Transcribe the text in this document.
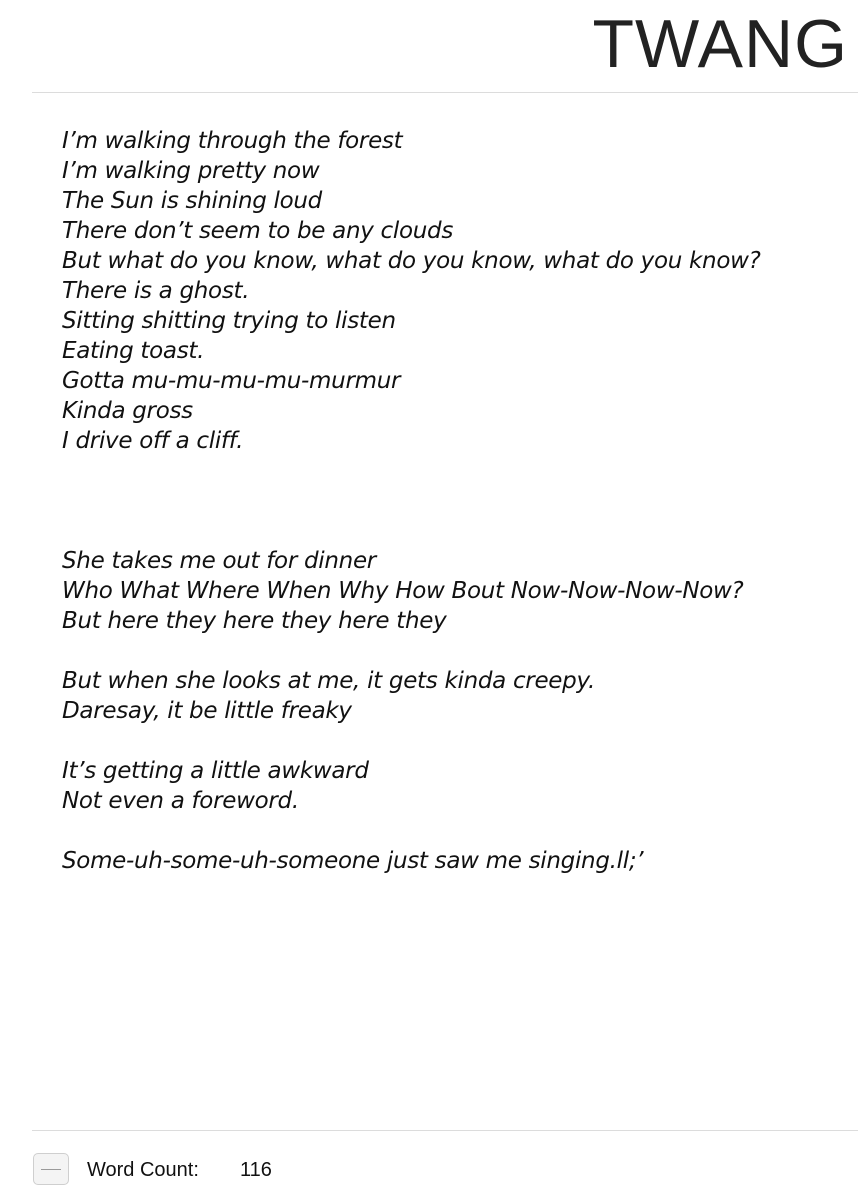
TWANG
I’m walking through the forest
I’m walking pretty now
The Sun is shining loud
There don’t seem to be any clouds
But what do you know, what do you know, what do you know?
There is a ghost.
Sitting shitting trying to listen
Eating toast.
Gotta mu-mu-mu-mu-murmur
Kinda gross
I drive off a cliff.
She takes me out for dinner
Who What Where When Why How Bout Now-Now-Now-Now?
But here they here they here they
But when she looks at me, it gets kinda creepy.
Daresay, it be little freaky
It’s getting a little awkward
Not even a foreword.
Some-uh-some-uh-someone just saw me singing.ll;’
Word Count: 116
